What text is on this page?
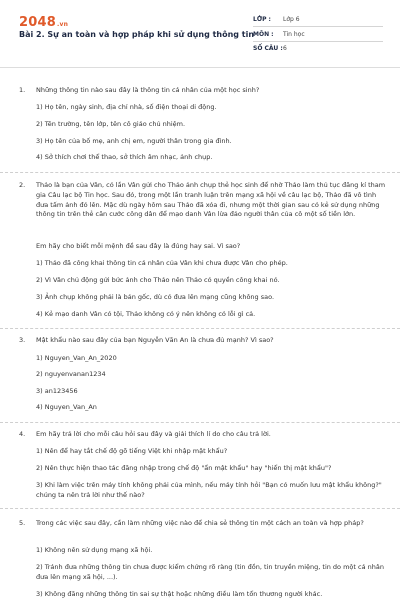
2048.vn
Bài 2. Sự an toàn và hợp pháp khi sử dụng thông tin
LỚP : Lớp 6
MÔN : Tin học
SỐ CÂU : 6
1. Những thông tin nào sau đây là thông tin cá nhân của một học sinh?
1) Họ tên, ngày sinh, địa chỉ nhà, số điện thoại di động.
2) Tên trường, tên lớp, tên cô giáo chủ nhiệm.
3) Họ tên của bố mẹ, anh chị em, người thân trong gia đình.
4) Sở thích chơi thể thao, sở thích âm nhạc, ảnh chụp.
2. Thảo là bạn của Vân, có lần Vân gửi cho Thảo ảnh chụp thẻ học sinh để nhờ Thảo làm thủ tục đăng kí tham gia Câu lạc bộ Tin học. Sau đó, trong một lần tranh luận trên mạng xã hội về câu lạc bộ, Thảo đã vô tình đưa tấm ảnh đó lên. Mặc dù ngày hôm sau Thảo đã xóa đi, nhưng một thời gian sau có kẻ sử dụng những thông tin trên thẻ căn cước công dân để mạo danh Vân lừa đảo người thân của cô một số tiền lớn.
Em hãy cho biết mỗi mệnh đề sau đây là đúng hay sai. Vì sao?
1) Thảo đã công khai thông tin cá nhân của Vân khi chưa được Vân cho phép.
2) Vì Vân chủ động gửi bức ảnh cho Thảo nên Thảo có quyền công khai nó.
3) Ảnh chụp không phải là bản gốc, dù có đưa lên mạng cũng không sao.
4) Kẻ mạo danh Vân có tội, Thảo không có ý nên không có lỗi gì cả.
3. Mật khẩu nào sau đây của bạn Nguyễn Văn An là chưa đủ mạnh? Vì sao?
1) Nguyen_Van_An_2020
2) nguyenvanan1234
3) an123456
4) Nguyen_Van_An
4. Em hãy trả lời cho mỗi câu hỏi sau đây và giải thích lí do cho câu trả lời.
1) Nên để hay tắt chế độ gõ tiếng Việt khi nhập mật khẩu?
2) Nên thực hiện thao tác đăng nhập trong chế độ "ẩn mật khẩu" hay "hiển thị mật khẩu"?
3) Khi làm việc trên máy tính không phải của mình, nếu máy tính hỏi "Bạn có muốn lưu mật khẩu không?" chúng ta nên trả lời như thế nào?
5. Trong các việc sau đây, cần làm những việc nào để chia sẻ thông tin một cách an toàn và hợp pháp?
1) Không nên sử dụng mạng xã hội.
2) Tránh đưa những thông tin chưa được kiểm chứng rõ ràng (tin đồn, tin truyền miệng, tin do một cá nhân đưa lên mạng xã hội, ...).
3) Không đăng những thông tin sai sự thật hoặc những điều làm tổn thương người khác.
